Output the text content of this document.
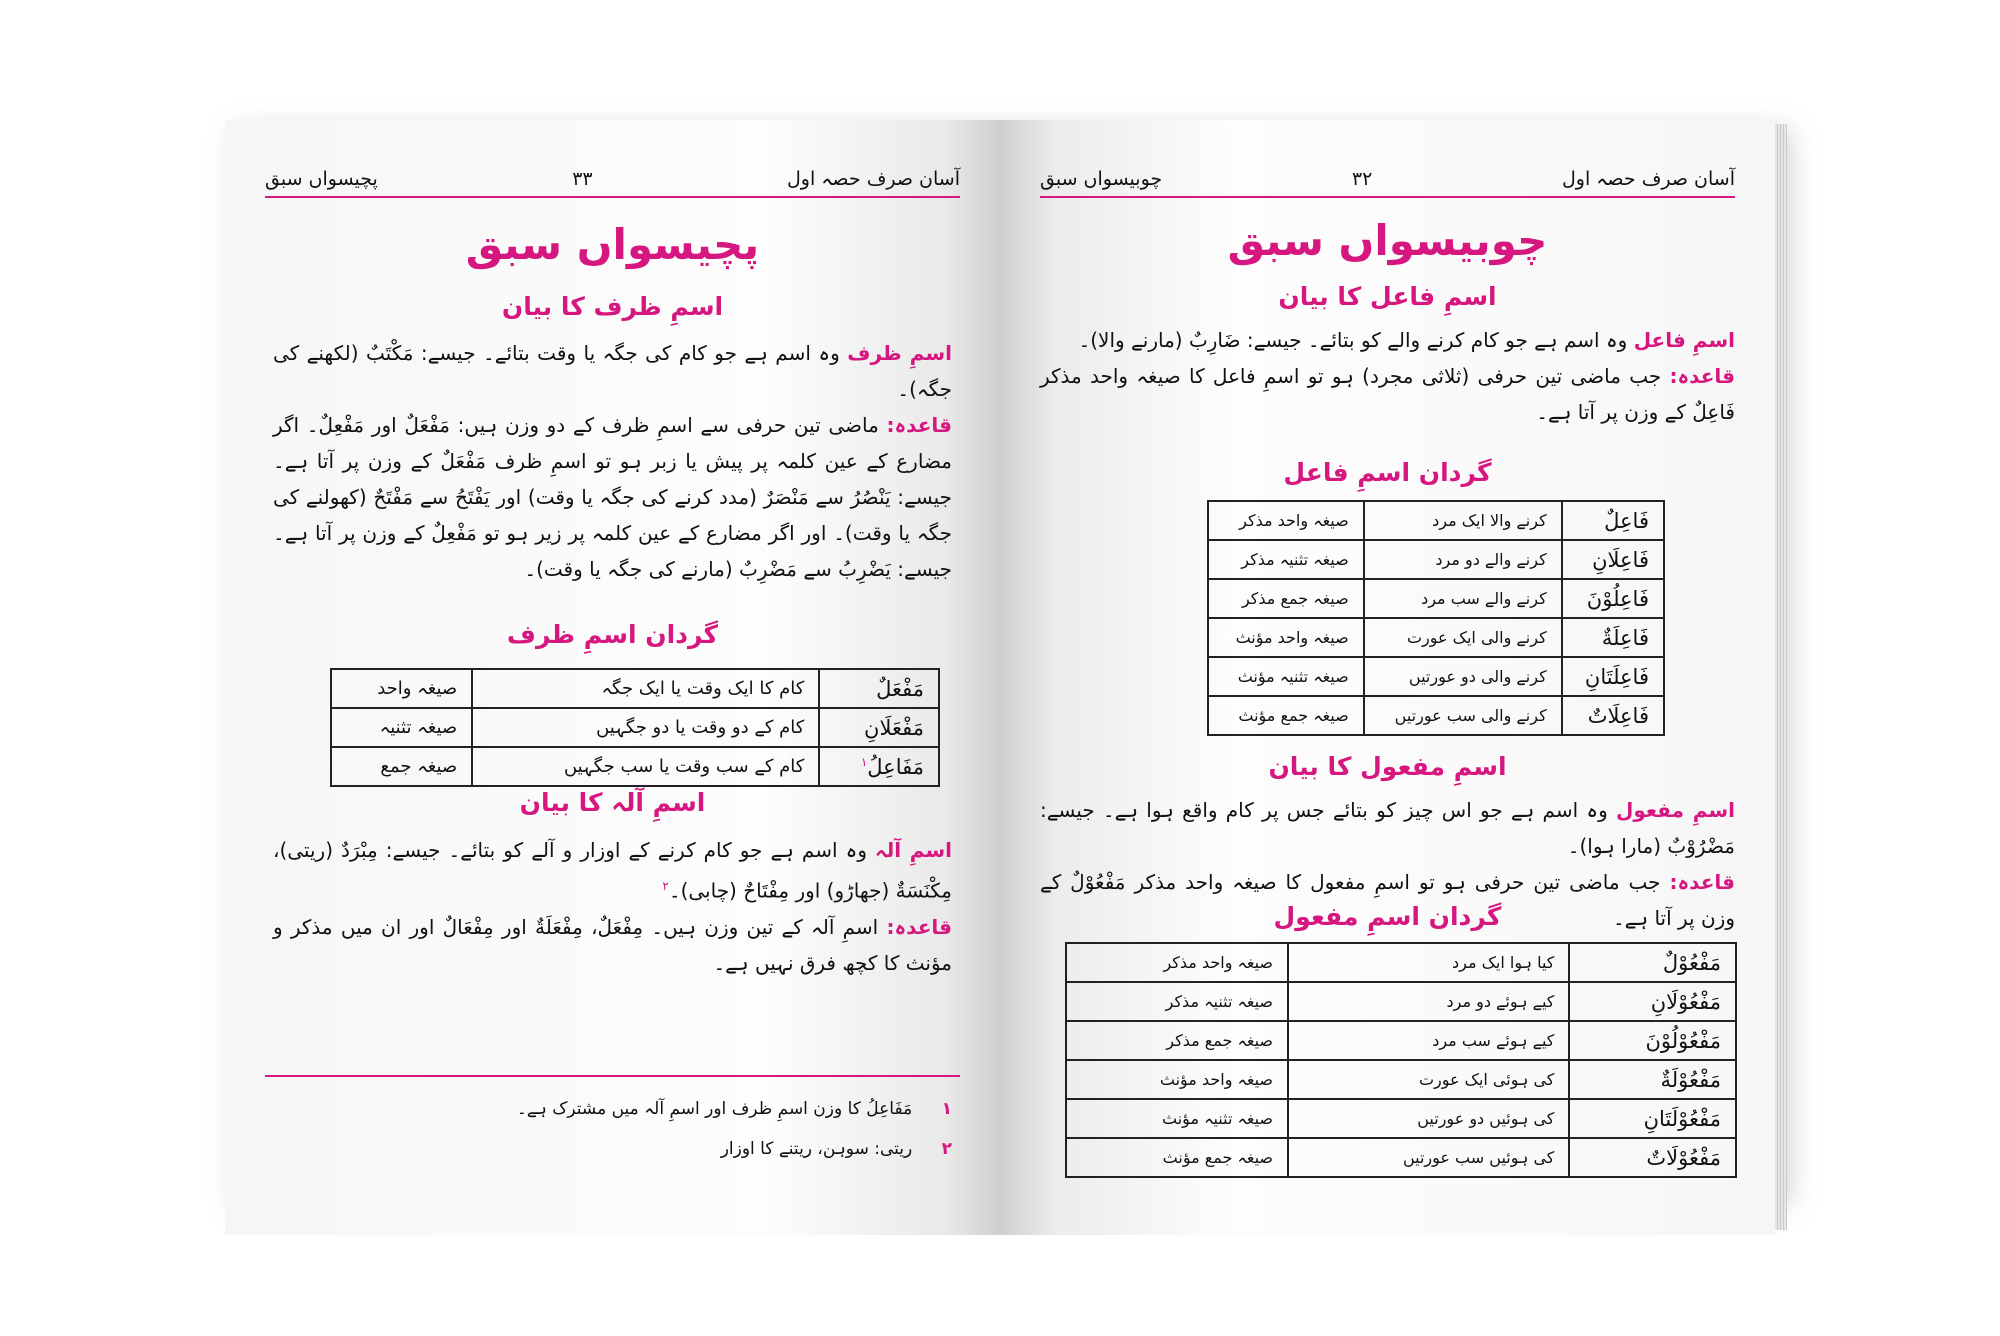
آسان صرف حصہ اول
۳۳
پچیسواں سبق
پچیسواں سبق
اسمِ ظرف کا بیان
اسمِ ظرف وہ اسم ہے جو کام کی جگہ یا وقت بتائے۔ جیسے: مَکْتَبٌ (لکھنے کی جگہ)۔
قاعدہ: ماضی تین حرفی سے اسمِ ظرف کے دو وزن ہیں: مَفْعَلٌ اور مَفْعِلٌ۔ اگر مضارع کے عین کلمہ پر پیش یا زبر ہو تو اسمِ ظرف مَفْعَلٌ کے وزن پر آتا ہے۔ جیسے: یَنْصُرُ سے مَنْصَرٌ (مدد کرنے کی جگہ یا وقت) اور یَفْتَحُ سے مَفْتَحٌ (کھولنے کی جگہ یا وقت)۔ اور اگر مضارع کے عین کلمہ پر زیر ہو تو مَفْعِلٌ کے وزن پر آتا ہے۔ جیسے: یَضْرِبُ سے مَضْرِبٌ (مارنے کی جگہ یا وقت)۔
گردان اسمِ ظرف
مَفْعَلٌ	کام کا ایک وقت یا ایک جگہ	صیغہ واحد
مَفْعَلَانِ	کام کے دو وقت یا دو جگہیں	صیغہ تثنیہ
مَفَاعِلُ$^۱$	کام کے سب وقت یا سب جگہیں	صیغہ جمع
اسمِ آلہ کا بیان
اسمِ آلہ وہ اسم ہے جو کام کرنے کے اوزار و آلے کو بتائے۔ جیسے: مِبْرَدٌ (ریتی)، مِکْنَسَةٌ (جھاڑو) اور مِفْتَاحٌ (چابی)۔$^۲$
قاعدہ: اسمِ آلہ کے تین وزن ہیں۔ مِفْعَلٌ، مِفْعَلَةٌ اور مِفْعَالٌ اور ان میں مذکر و مؤنث کا کچھ فرق نہیں ہے۔
۱ مَفَاعِلُ کا وزن اسمِ ظرف اور اسمِ آلہ میں مشترک ہے۔
۲ ریتی: سوہن، ریتنے کا اوزار
آسان صرف حصہ اول
۳۲
چوبیسواں سبق
چوبیسواں سبق
اسمِ فاعل کا بیان
اسمِ فاعل وہ اسم ہے جو کام کرنے والے کو بتائے۔ جیسے: ضَارِبٌ (مارنے والا)۔
قاعدہ: جب ماضی تین حرفی (ثلاثی مجرد) ہو تو اسمِ فاعل کا صیغہ واحد مذکر فَاعِلٌ کے وزن پر آتا ہے۔
گردان اسمِ فاعل
فَاعِلٌ	کرنے والا ایک مرد	صیغہ واحد مذکر
فَاعِلَانِ	کرنے والے دو مرد	صیغہ تثنیہ مذکر
فَاعِلُوْنَ	کرنے والے سب مرد	صیغہ جمع مذکر
فَاعِلَةٌ	کرنے والی ایک عورت	صیغہ واحد مؤنث
فَاعِلَتَانِ	کرنے والی دو عورتیں	صیغہ تثنیہ مؤنث
فَاعِلَاتٌ	کرنے والی سب عورتیں	صیغہ جمع مؤنث
اسمِ مفعول کا بیان
اسمِ مفعول وہ اسم ہے جو اس چیز کو بتائے جس پر کام واقع ہوا ہے۔ جیسے: مَضْرُوْبٌ (مارا ہوا)۔
قاعدہ: جب ماضی تین حرفی ہو تو اسمِ مفعول کا صیغہ واحد مذکر مَفْعُوْلٌ کے وزن پر آتا ہے۔
گردان اسمِ مفعول
مَفْعُوْلٌ	کیا ہوا ایک مرد	صیغہ واحد مذکر
مَفْعُوْلَانِ	کیے ہوئے دو مرد	صیغہ تثنیہ مذکر
مَفْعُوْلُوْنَ	کیے ہوئے سب مرد	صیغہ جمع مذکر
مَفْعُوْلَةٌ	کی ہوئی ایک عورت	صیغہ واحد مؤنث
مَفْعُوْلَتَانِ	کی ہوئیں دو عورتیں	صیغہ تثنیہ مؤنث
مَفْعُوْلَاتٌ	کی ہوئیں سب عورتیں	صیغہ جمع مؤنث
